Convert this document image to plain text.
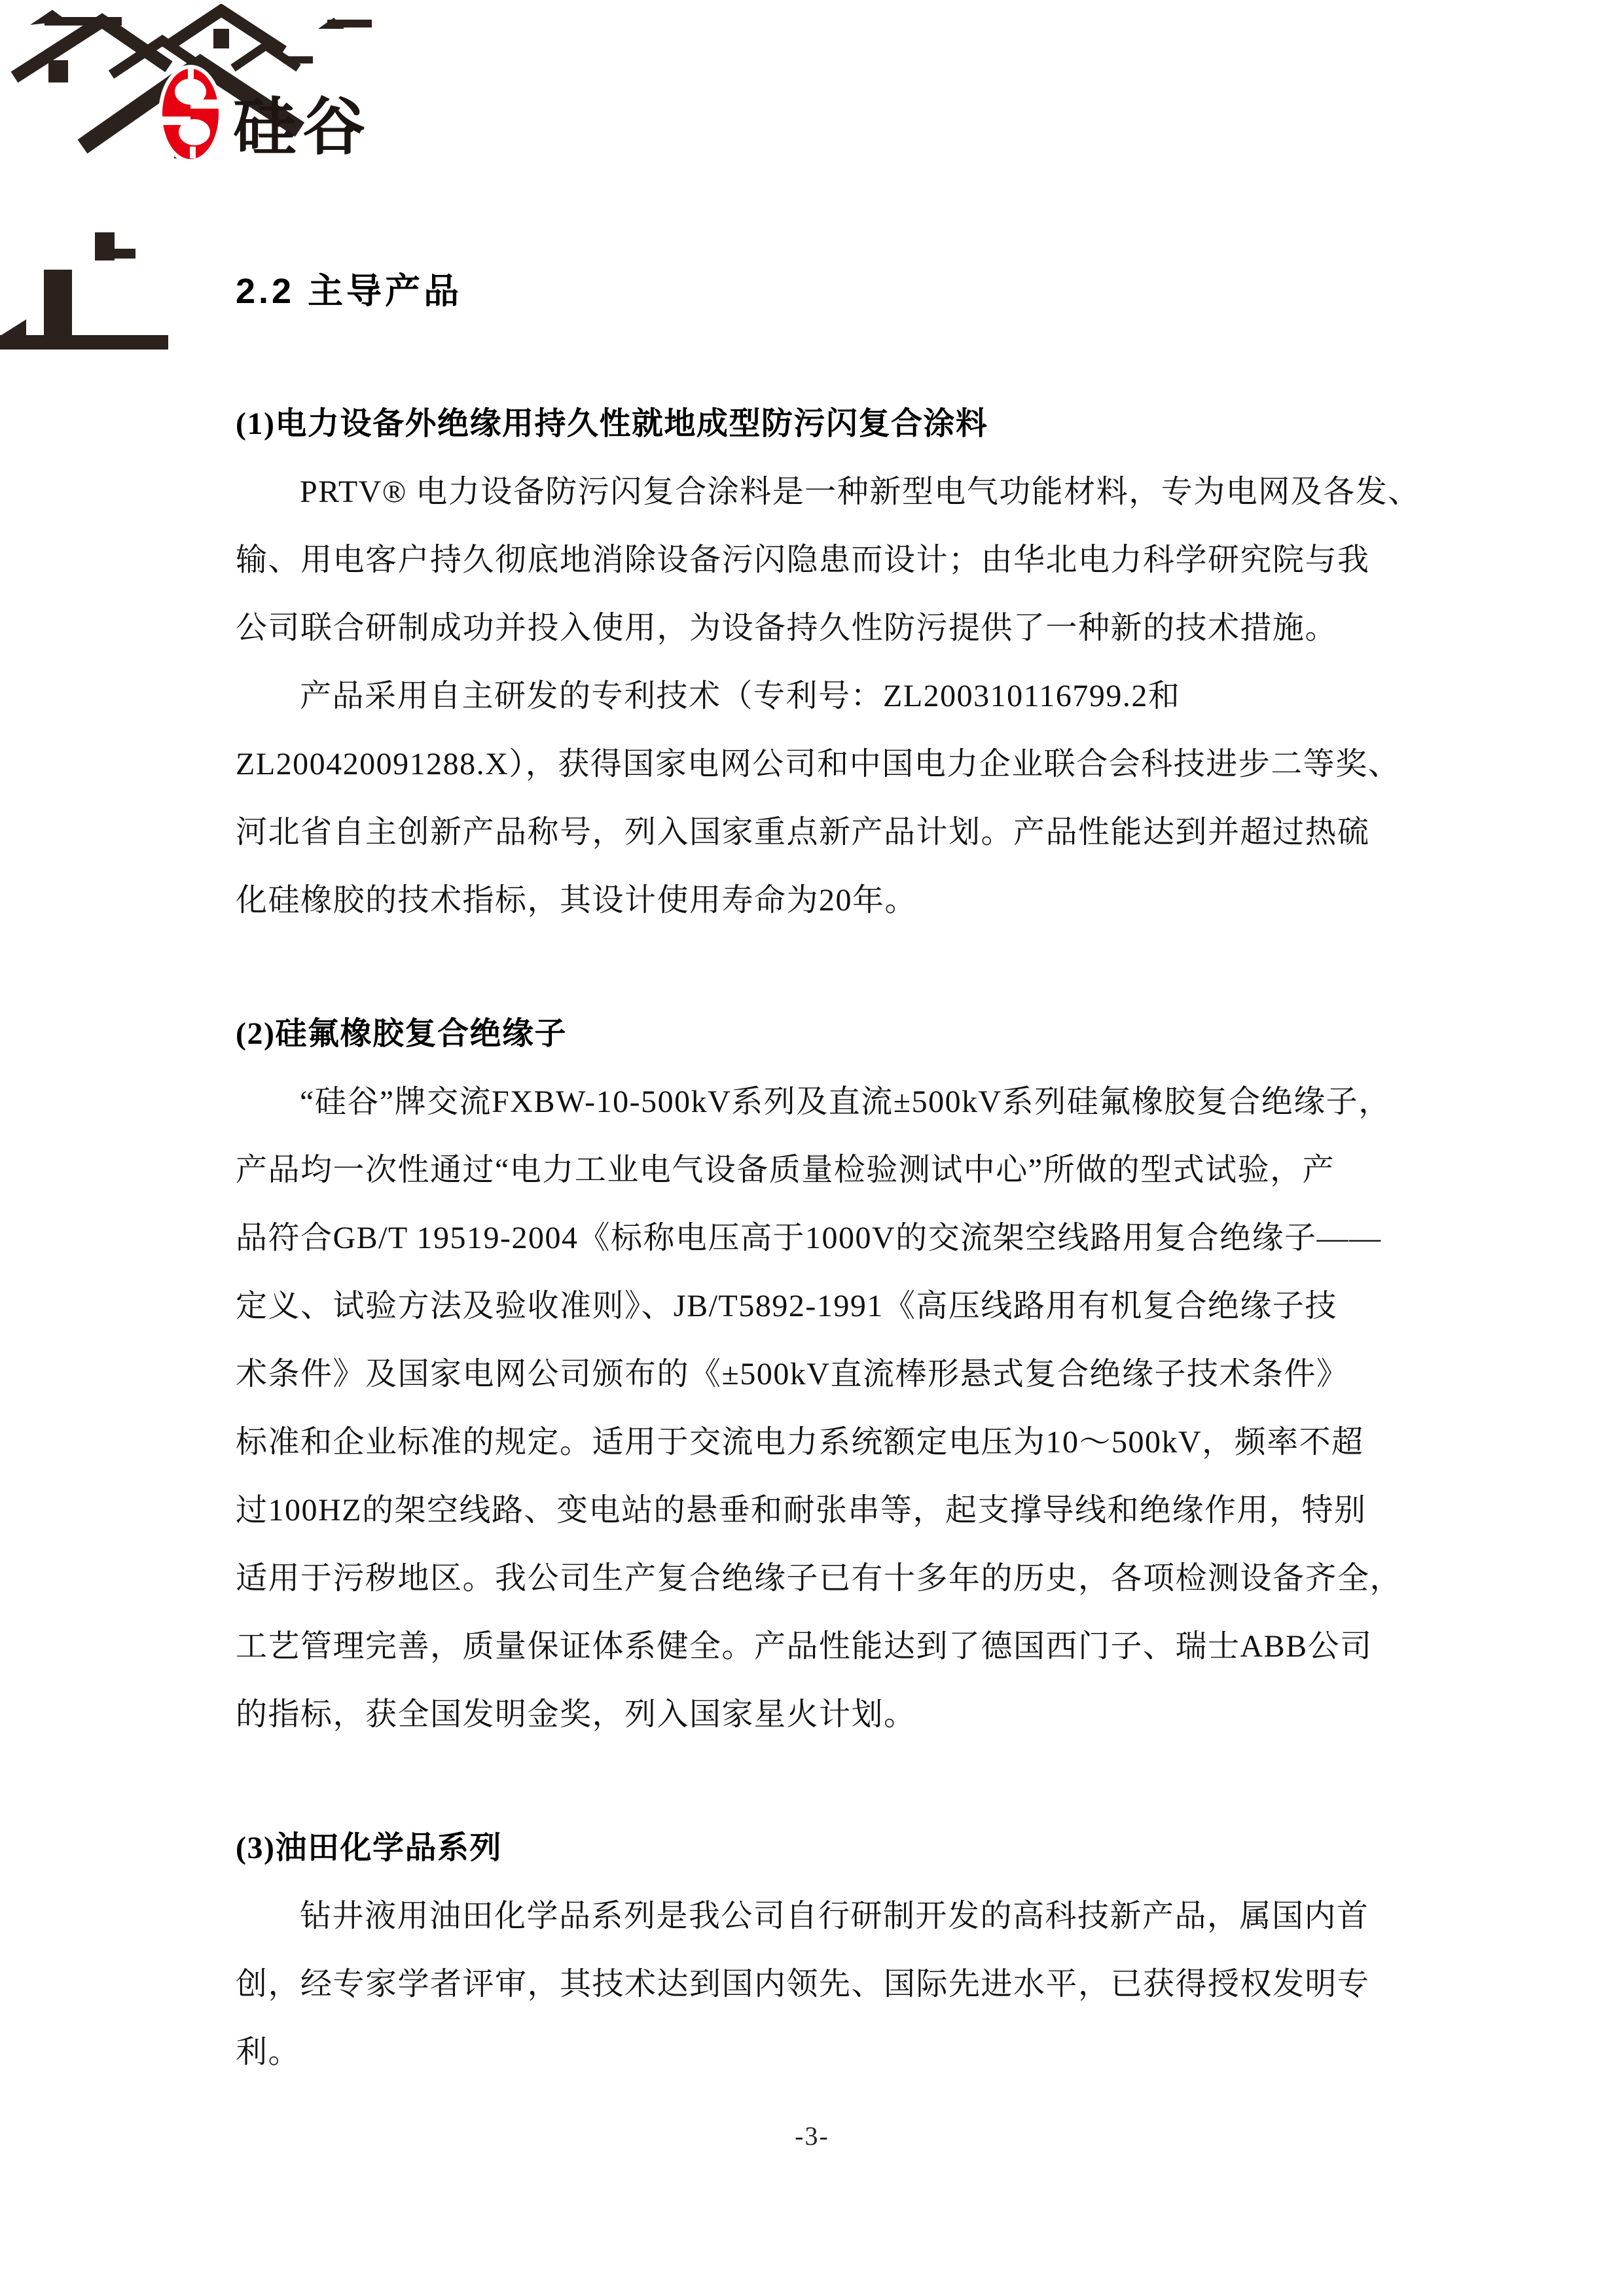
硅谷
2.2 主导产品
(1)电力设备外绝缘用持久性就地成型防污闪复合涂料
PRTV® 电力设备防污闪复合涂料是一种新型电气功能材料，专为电网及各发、
输、用电客户持久彻底地消除设备污闪隐患而设计；由华北电力科学研究院与我
公司联合研制成功并投入使用，为设备持久性防污提供了一种新的技术措施。
产品采用自主研发的专利技术（专利号：ZL200310116799.2和
ZL200420091288.X），获得国家电网公司和中国电力企业联合会科技进步二等奖、
河北省自主创新产品称号，列入国家重点新产品计划。产品性能达到并超过热硫
化硅橡胶的技术指标，其设计使用寿命为20年。
(2)硅氟橡胶复合绝缘子
“硅谷”牌交流FXBW-10-500kV系列及直流±500kV系列硅氟橡胶复合绝缘子，
产品均一次性通过“电力工业电气设备质量检验测试中心”所做的型式试验，产
品符合GB/T 19519-2004《标称电压高于1000V的交流架空线路用复合绝缘子——
定义、试验方法及验收准则》、JB/T5892-1991《高压线路用有机复合绝缘子技
术条件》及国家电网公司颁布的《±500kV直流棒形悬式复合绝缘子技术条件》
标准和企业标准的规定。适用于交流电力系统额定电压为10～500kV，频率不超
过100HZ的架空线路、变电站的悬垂和耐张串等，起支撑导线和绝缘作用，特别
适用于污秽地区。我公司生产复合绝缘子已有十多年的历史，各项检测设备齐全，
工艺管理完善，质量保证体系健全。产品性能达到了德国西门子、瑞士ABB公司
的指标，获全国发明金奖，列入国家星火计划。
(3)油田化学品系列
钻井液用油田化学品系列是我公司自行研制开发的高科技新产品，属国内首
创，经专家学者评审，其技术达到国内领先、国际先进水平，已获得授权发明专
利。
-3-
